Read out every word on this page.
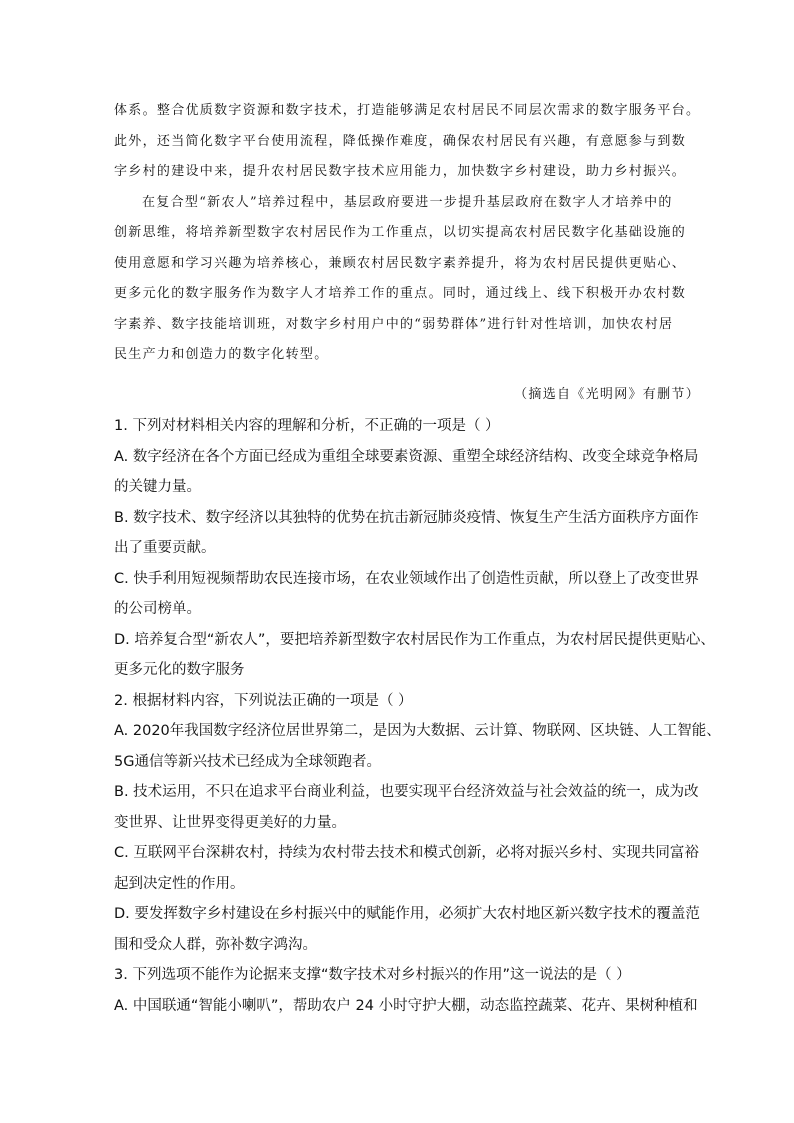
体系。整合优质数字资源和数字技术，打造能够满足农村居民不同层次需求的数字服务平台。

此外，还当简化数字平台使用流程，降低操作难度，确保农村居民有兴趣，有意愿参与到数

字乡村的建设中来，提升农村居民数字技术应用能力，加快数字乡村建设，助力乡村振兴。

在复合型“新农人”培养过程中，基层政府要进一步提升基层政府在数字人才培养中的

创新思维，将培养新型数字农村居民作为工作重点，以切实提高农村居民数字化基础设施的

使用意愿和学习兴趣为培养核心，兼顾农村居民数字素养提升，将为农村居民提供更贴心、

更多元化的数字服务作为数字人才培养工作的重点。同时，通过线上、线下积极开办农村数

字素养、数字技能培训班，对数字乡村用户中的“弱势群体”进行针对性培训，加快农村居

民生产力和创造力的数字化转型。

（摘选自《光明网》有删节）

1. 下列对材料相关内容的理解和分析，不正确的一项是（ ）

A. 数字经济在各个方面已经成为重组全球要素资源、重塑全球经济结构、改变全球竞争格局

的关键力量。

B. 数字技术、数字经济以其独特的优势在抗击新冠肺炎疫情、恢复生产生活方面秩序方面作

出了重要贡献。

C. 快手利用短视频帮助农民连接市场，在农业领域作出了创造性贡献，所以登上了改变世界

的公司榜单。

D. 培养复合型“新农人”，要把培养新型数字农村居民作为工作重点，为农村居民提供更贴心、

更多元化的数字服务

2. 根据材料内容，下列说法正确的一项是（ ）

A. 2020年我国数字经济位居世界第二，是因为大数据、云计算、物联网、区块链、人工智能、

5G通信等新兴技术已经成为全球领跑者。

B. 技术运用，不只在追求平台商业利益，也要实现平台经济效益与社会效益的统一，成为改

变世界、让世界变得更美好的力量。

C. 互联网平台深耕农村，持续为农村带去技术和模式创新，必将对振兴乡村、实现共同富裕

起到决定性的作用。

D. 要发挥数字乡村建设在乡村振兴中的赋能作用，必须扩大农村地区新兴数字技术的覆盖范

围和受众人群，弥补数字鸿沟。

3. 下列选项不能作为论据来支撑“数字技术对乡村振兴的作用”这一说法的是（ ）

A. 中国联通“智能小喇叭”，帮助农户 24 小时守护大棚，动态监控蔬菜、花卉、果树种植和
